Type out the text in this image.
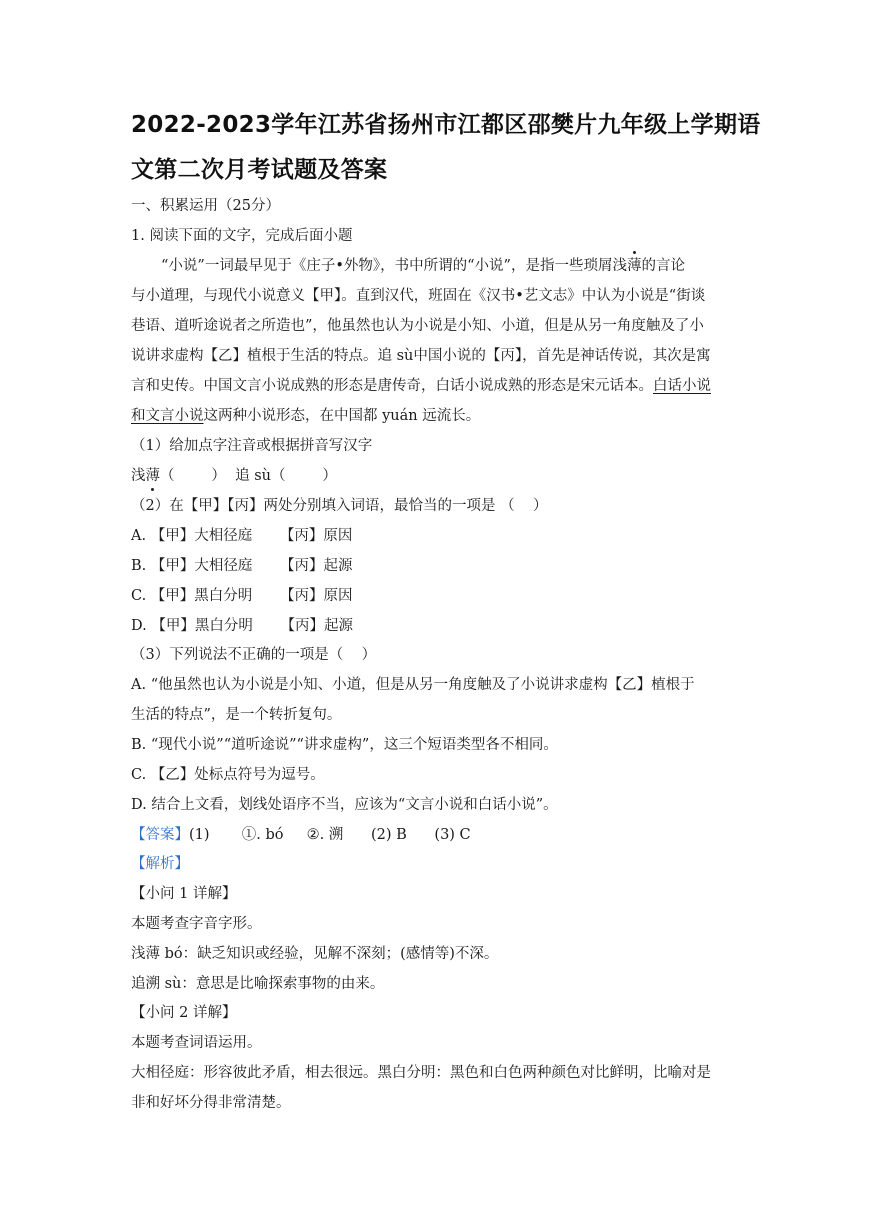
2022-2023学年江苏省扬州市江都区邵樊片九年级上学期语
文第二次月考试题及答案
一、积累运用（25分）
1. 阅读下面的文字，完成后面小题
“小说”一词最早见于《庄子•外物》，书中所谓的“小说”，是指一些琐屑浅薄的言论
与小道理，与现代小说意义【甲】。直到汉代，班固在《汉书•艺文志》中认为小说是“街谈
巷语、道听途说者之所造也”，他虽然也认为小说是小知、小道，但是从另一角度触及了小
说讲求虚构【乙】植根于生活的特点。追 sù中国小说的【丙】，首先是神话传说，其次是寓
言和史传。中国文言小说成熟的形态是唐传奇，白话小说成熟的形态是宋元话本。白话小说
和文言小说这两种小说形态，在中国都 yuán 远流长。
（1）给加点字注音或根据拼音写汉字
浅薄（        ）  追 sù（        ）
（2）在【甲】【丙】两处分别填入词语，最恰当的一项是 （    ）
A. 【甲】大相径庭      【丙】原因
B. 【甲】大相径庭      【丙】起源
C. 【甲】黑白分明      【丙】原因
D. 【甲】黑白分明      【丙】起源
（3）下列说法不正确的一项是（    ）
A. “他虽然也认为小说是小知、小道，但是从另一角度触及了小说讲求虚构【乙】植根于
生活的特点”，是一个转折复句。
B. “现代小说”“道听途说”“讲求虚构”，这三个短语类型各不相同。
C. 【乙】处标点符号为逗号。
D. 结合上文看，划线处语序不当，应该为“文言小说和白话小说”。
【答案】(1)       ①. bó     ②. 溯      (2) B      (3) C
【解析】
【小问 1 详解】
本题考查字音字形。
浅薄 bó：缺乏知识或经验，见解不深刻；(感情等)不深。
追溯 sù：意思是比喻探索事物的由来。
【小问 2 详解】
本题考查词语运用。
大相径庭：形容彼此矛盾，相去很远。黑白分明：黑色和白色两种颜色对比鲜明，比喻对是
非和好坏分得非常清楚。
